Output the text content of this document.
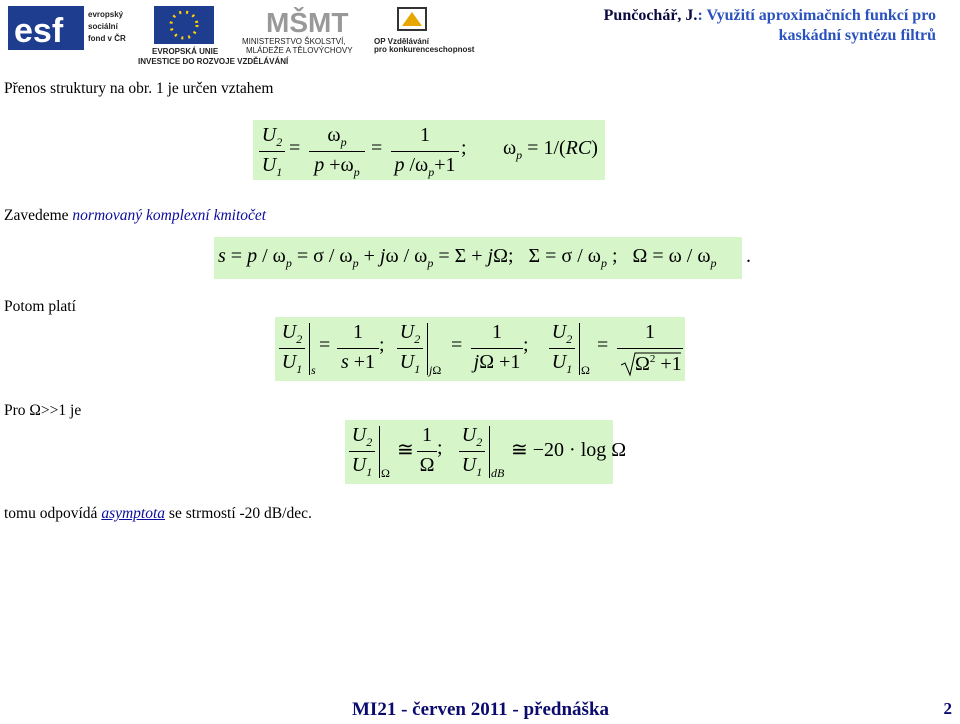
esf	evropský
sociální
fond v ČR
EVROPSKÁ UNIE
MŠMT
MINISTERSTVO ŠKOLSTVÍ,
MLÁDEŽE A TĚLOVÝCHOVY
OP Vzdělávání
pro konkurenceschopnost
INVESTICE DO ROZVOJE VZDĚLÁVÁNÍ
Punčochář, J.: Využití aproximačních funkcí pro
kaskádní syntézu filtrů
Přenos struktury na obr. 1 je určen vztahem
Zavedeme normovaný komplexní kmitočet
Potom platí
Pro Ω>>1 je
tomu odpovídá asymptota se strmostí -20 dB/dec.
$U_2$
$U_1$
=
$\omega_p$
$p +\omega_p$
=
1
p $/\omega_p+1$
; $\omega_p = 1/(RC)$
$s = p / \omega_p = \sigma / \omega_p + j\omega / \omega_p = \Sigma + j\Omega$;   $\Sigma = \sigma / \omega_p$ ;   $\Omega = \omega / \omega_p$ .
$U_2$
$U_1$ s
=
1
s +1
;
$U_2$
$U_1$ jΩ
=
1
jΩ +1
;
$U_2$
$U_1$ Ω
=
1
$\Omega^2 +1$
$U_2$
$U_1$ Ω
≅
1
Ω
;
$U_2$
$U_1$ dB
≅ −20 · log Ω
MI21 - červen 2011 - přednáška	2
